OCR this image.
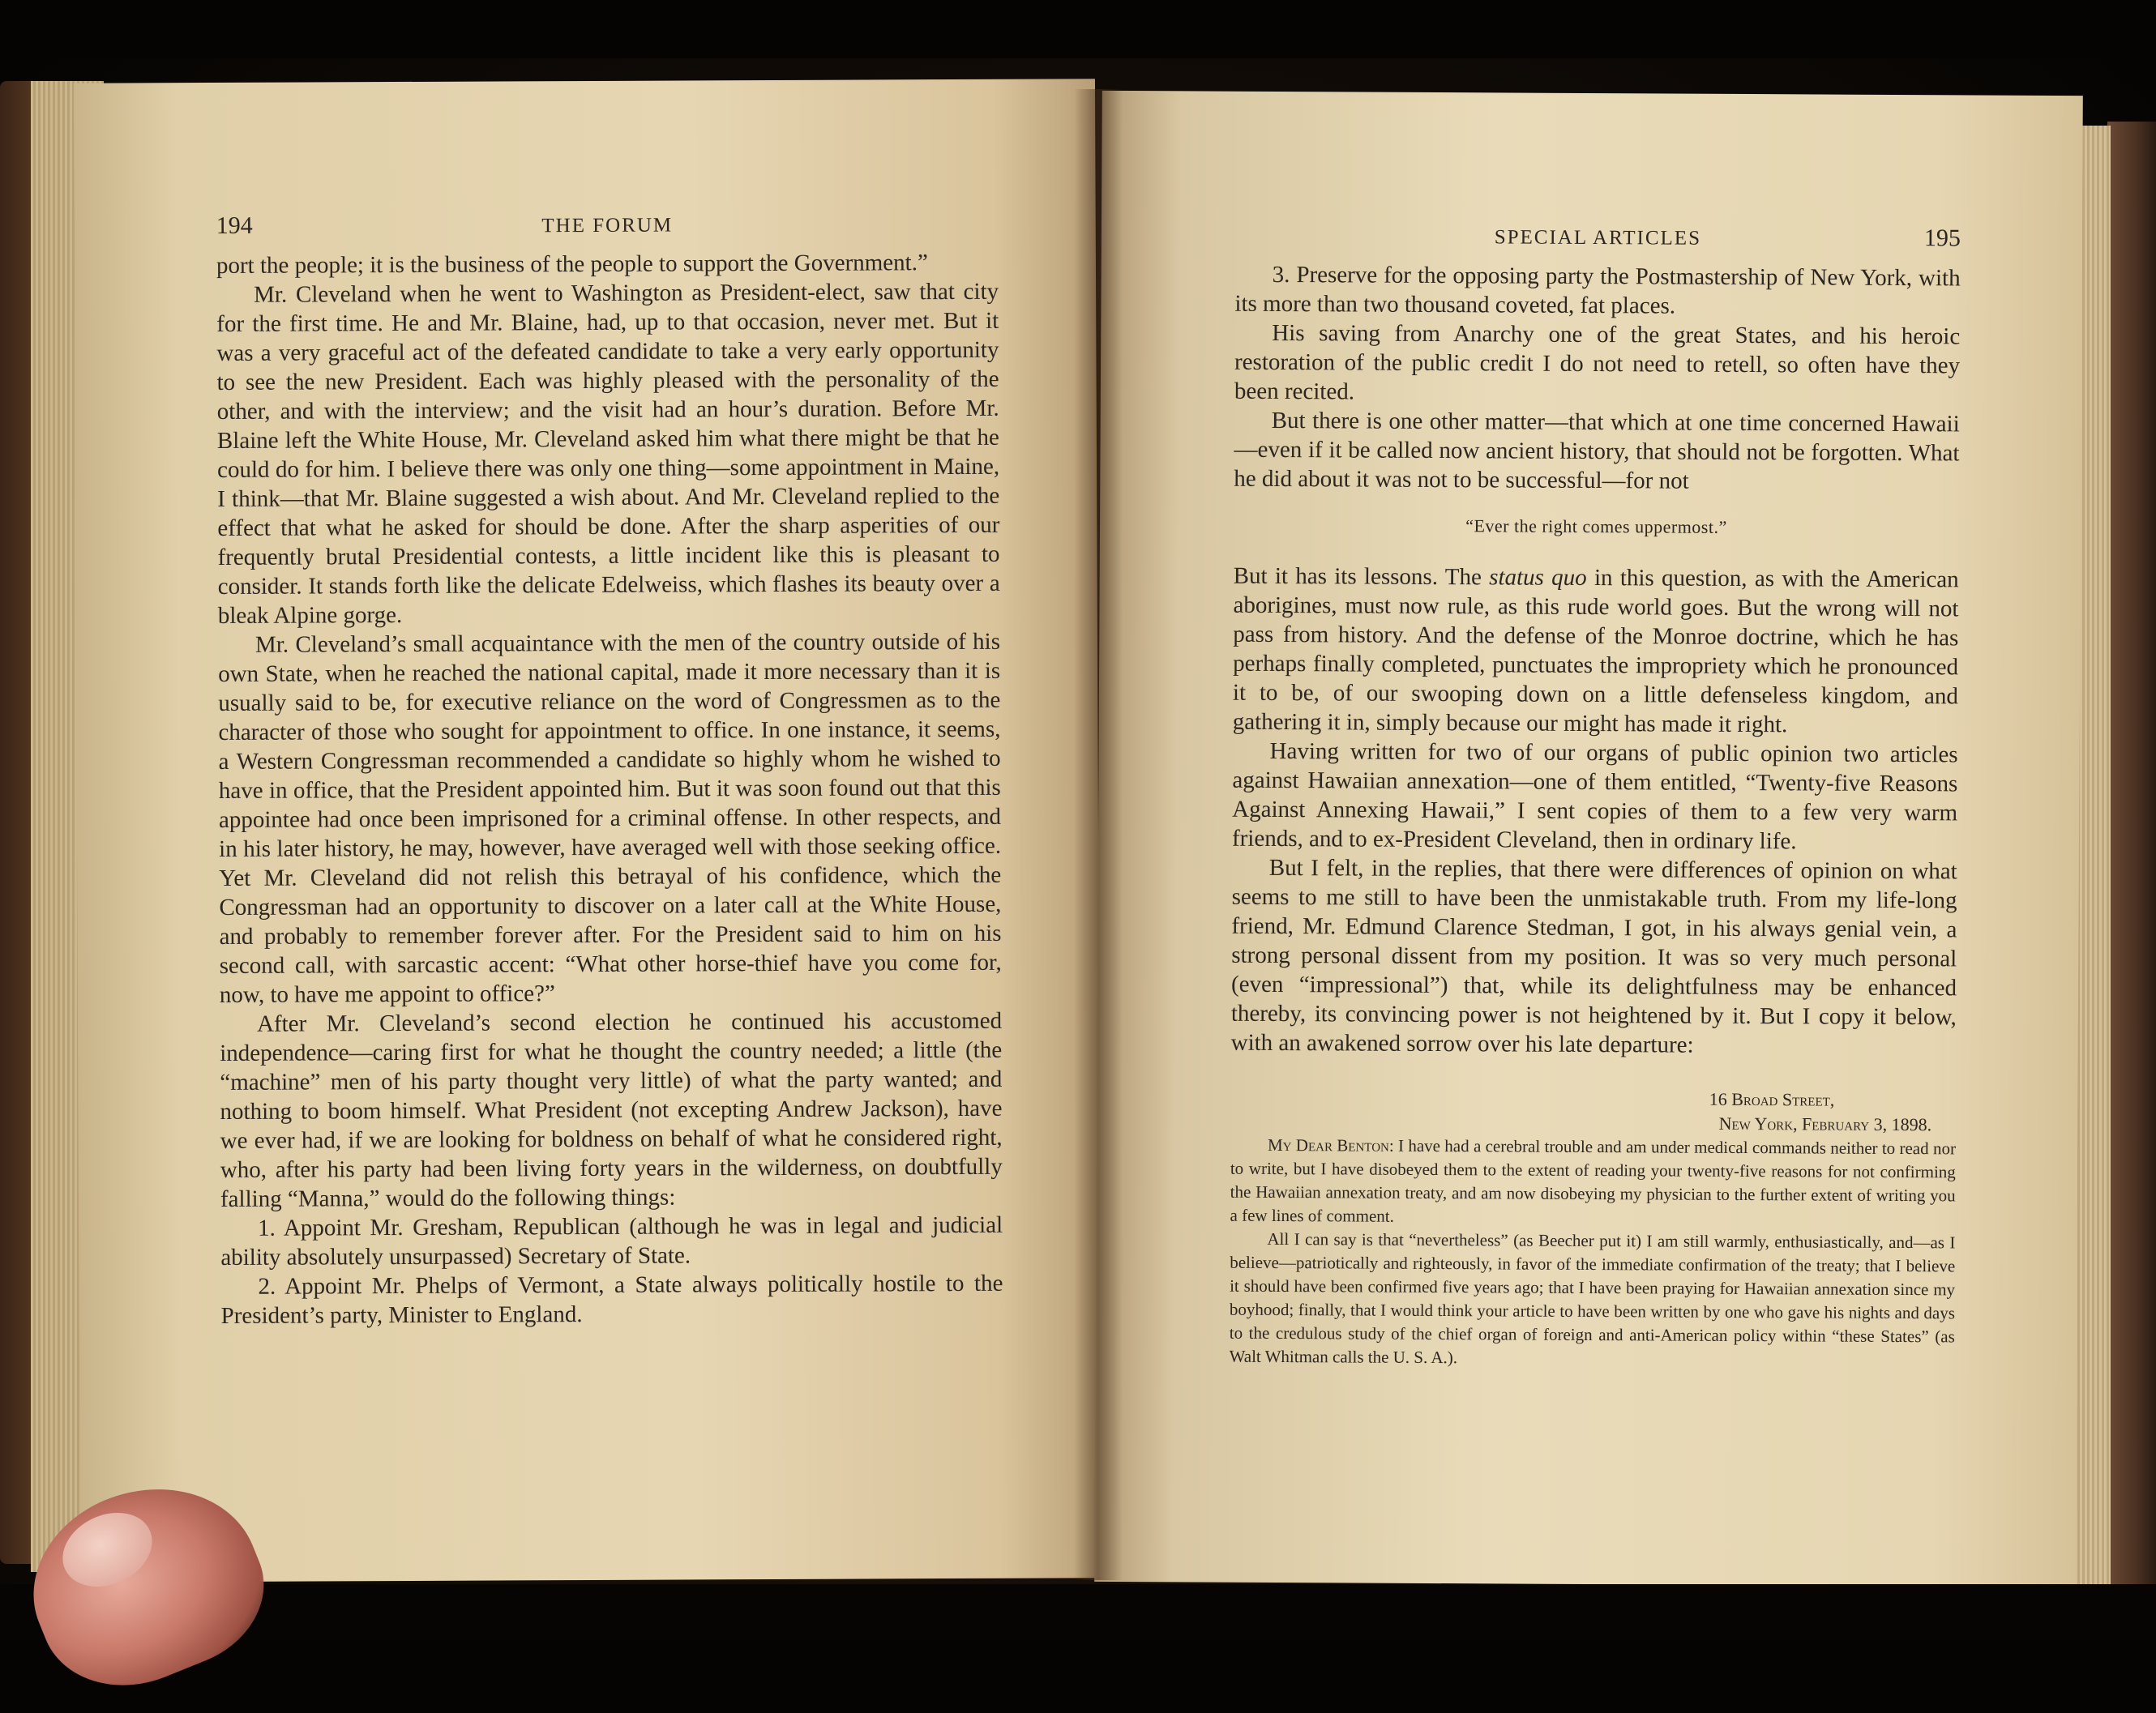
194	THE FORUM

port the people; it is the business of the people to support the Government.”

Mr. Cleveland when he went to Washington as President-elect, saw that city for the first time. He and Mr. Blaine, had, up to that occasion, never met. But it was a very graceful act of the defeated candidate to take a very early opportunity to see the new President. Each was highly pleased with the personality of the other, and with the interview; and the visit had an hour’s duration. Before Mr. Blaine left the White House, Mr. Cleveland asked him what there might be that he could do for him. I believe there was only one thing—some appointment in Maine, I think—that Mr. Blaine suggested a wish about. And Mr. Cleveland replied to the effect that what he asked for should be done. After the sharp asperities of our frequently brutal Presidential contests, a little incident like this is pleasant to consider. It stands forth like the delicate Edelweiss, which flashes its beauty over a bleak Alpine gorge.

Mr. Cleveland’s small acquaintance with the men of the country outside of his own State, when he reached the national capital, made it more necessary than it is usually said to be, for executive reliance on the word of Congressmen as to the character of those who sought for appointment to office. In one instance, it seems, a Western Congressman recommended a candidate so highly whom he wished to have in office, that the President appointed him. But it was soon found out that this appointee had once been imprisoned for a criminal offense. In other respects, and in his later history, he may, however, have averaged well with those seeking office. Yet Mr. Cleveland did not relish this betrayal of his confidence, which the Congressman had an opportunity to discover on a later call at the White House, and probably to remember forever after. For the President said to him on his second call, with sarcastic accent: “What other horse-thief have you come for, now, to have me appoint to office?”

After Mr. Cleveland’s second election he continued his accustomed independence—caring first for what he thought the country needed; a little (the “machine” men of his party thought very little) of what the party wanted; and nothing to boom himself. What President (not excepting Andrew Jackson), have we ever had, if we are looking for boldness on behalf of what he considered right, who, after his party had been living forty years in the wilderness, on doubtfully falling “Manna,” would do the following things:

1. Appoint Mr. Gresham, Republican (although he was in legal and judicial ability absolutely unsurpassed) Secretary of State.

2. Appoint Mr. Phelps of Vermont, a State always politically hostile to the President’s party, Minister to England.

SPECIAL ARTICLES	195

3. Preserve for the opposing party the Postmastership of New York, with its more than two thousand coveted, fat places.

His saving from Anarchy one of the great States, and his heroic restoration of the public credit I do not need to retell, so often have they been recited.

But there is one other matter—that which at one time concerned Hawaii—even if it be called now ancient history, that should not be forgotten. What he did about it was not to be successful—for not

“Ever the right comes uppermost.”

But it has its lessons. The status quo in this question, as with the American aborigines, must now rule, as this rude world goes. But the wrong will not pass from history. And the defense of the Monroe doctrine, which he has perhaps finally completed, punctuates the impropriety which he pronounced it to be, of our swooping down on a little defenseless kingdom, and gathering it in, simply because our might has made it right.

Having written for two of our organs of public opinion two articles against Hawaiian annexation—one of them entitled, “Twenty-five Reasons Against Annexing Hawaii,” I sent copies of them to a few very warm friends, and to ex-President Cleveland, then in ordinary life.

But I felt, in the replies, that there were differences of opinion on what seems to me still to have been the unmistakable truth. From my life-long friend, Mr. Edmund Clarence Stedman, I got, in his always genial vein, a strong personal dissent from my position. It was so very much personal (even “impressional”) that, while its delightfulness may be enhanced thereby, its convincing power is not heightened by it. But I copy it below, with an awakened sorrow over his late departure:

16 Broad Street,
New York, February 3, 1898.

My Dear Benton: I have had a cerebral trouble and am under medical commands neither to read nor to write, but I have disobeyed them to the extent of reading your twenty-five reasons for not confirming the Hawaiian annexation treaty, and am now disobeying my physician to the further extent of writing you a few lines of comment.

All I can say is that “nevertheless” (as Beecher put it) I am still warmly, enthusiastically, and—as I believe—patriotically and righteously, in favor of the immediate confirmation of the treaty; that I believe it should have been confirmed five years ago; that I have been praying for Hawaiian annexation since my boyhood; finally, that I would think your article to have been written by one who gave his nights and days to the credulous study of the chief organ of foreign and anti-American policy within “these States” (as Walt Whitman calls the U. S. A.).
